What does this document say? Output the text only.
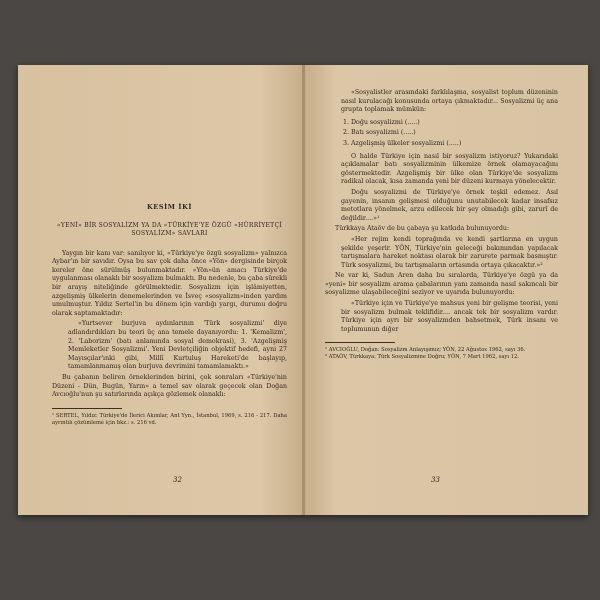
KESİM İKİ
«YENİ» BİR SOSYALİZM YA DA «TÜRKİYE'YE ÖZGÜ «HÜRRİYETÇİ SOSYALİZM» SAVLARI

Yaygın bir kanı var: sanılıyor ki, «Türkiye'ye özgü sosyalizm» yalnızca Aybar'ın bir savıdır. Oysa bu sav çok daha önce «Yön» dergisinde birçok kereler öne sürülmüş bulunmaktadır. «Yön»ün amacı Türkiye'de uygulanması olanaklı bir sosyalizm bulmaktı. Bu nedenle, bu çaba sürekli bir arayış niteliğinde görülmektedir. Sosyalizm için işlâmiyetten, azgelişmiş ülkelerin denemelerinden ve İsveç «sosyalizm»inden yardım umulmuştur. Yıldız Sertel'in bu dönem için vardığı yargı, durumu doğru olarak saptamaktadır:

«Yurtsever burjuva aydınlarının 'Türk sosyalizmi' diye adlandırdıkları bu teori üç ana temele dayanıyordu: 1. 'Kemalizm', 2. 'Laborizm' (batı anlamında sosyal demokrasi), 3. 'Azgelişmiş Memleketler Sosyalizmi'. Yeni Devletçiliğin objektif hedefi, ayni 27 Mayısçılar'ınki gibi, Millî Kurtuluş Hareketi'de başlayıp, tamamlanmamış olan burjuva devrimini tamamlamaktı.»

Bu çabanın beliren örneklerinden birini, çok sonraları «Türkiye'nin Düzeni - Dün, Bugün, Yarın» a temel sav olarak geçecek olan Doğan Avcıoğlu'nun şu satırlarında açıkça gözlemek olanaklı:

¹ SERTEL, Yıldız: Türkiye'de İlerici Akımlar, Ant Yyn., İstanbul, 1969, s. 216 - 217. Daha ayrıntılı çözümleme için bkz.: s. 216 vd.
32

«Sosyalistler arasındaki farklılaşma, sosyalist toplum düzeninin nasıl kurulacağı konusunda ortaya çıkmaktadır... Sosyalizmi üç ana grupta toplamak mümkün:

1. Doğu sosyalizmi (.....)
2. Batı sosyalizmi (.....)
3. Azgelişmiş ülkeler sosyalizmi (.....)

O halde Türkiye için nasıl bir sosyalizm istiyoruz? Yukarıdaki açıklamalar batı sosyalizminin ülkemize örnek olamayacağını göstermektedir. Azgelişmiş bir ülke olan Türkiye'de sosyalizm radikal olacak, kısa zamanda yeni bir düzeni kurmaya yönelecektir.

Doğu sosyalizmi de Türkiye'ye örnek teşkil edemez. Asıl gayenin, insanın gelişmesi olduğunu unutabilecek kadar insafsız metotlara yönelmek, arzu edilecek bir şey olmadığı gibi, zarurî de değildir....»¹

Türkkaya Ataöv de bu çabaya şu katkıda bulunuyordu:

«Her rejim kendi toprağında ve kendi şartlarına en uygun şekilde yeşerir. YÖN, Türkiye'nin geleceği bakımından yapılacak tartışmalara hareket noktası olarak bir zarurete parmak basmıştır. Türk sosyalizmi, bu tartışmaların ortasında ortaya çıkacaktır.»²

Ne var ki, Sadun Aren daha bu sıralarda, Türkiye'ye özgü ya da «yeni» bir sosyalizm arama çabalarının yanı zamanda nasıl sakıncalı bir sosyalizme ulaşabileceğini seziyor ve uyarıda bulunuyordu:

«Türkiye için ve Türkiye'ye mahsus yeni bir gelişme teorisi, yeni bir sosyalizm bulmak teklifidir.... ancak tek bir sosyalizm vardır. Türkiye için ayrı bir sosyalizmden bahsetmek, Türk insanı ve toplumunun diğer

¹ AVCIOĞLU, Doğan: Sosyalizm Anlayışımız; YÖN, 22 Ağustos 1962, sayı 36.
² ATAÖV, Türkkaya: Türk Sosyalizmine Doğru; YÖN, 7 Mart 1962, sayı 12.
33
